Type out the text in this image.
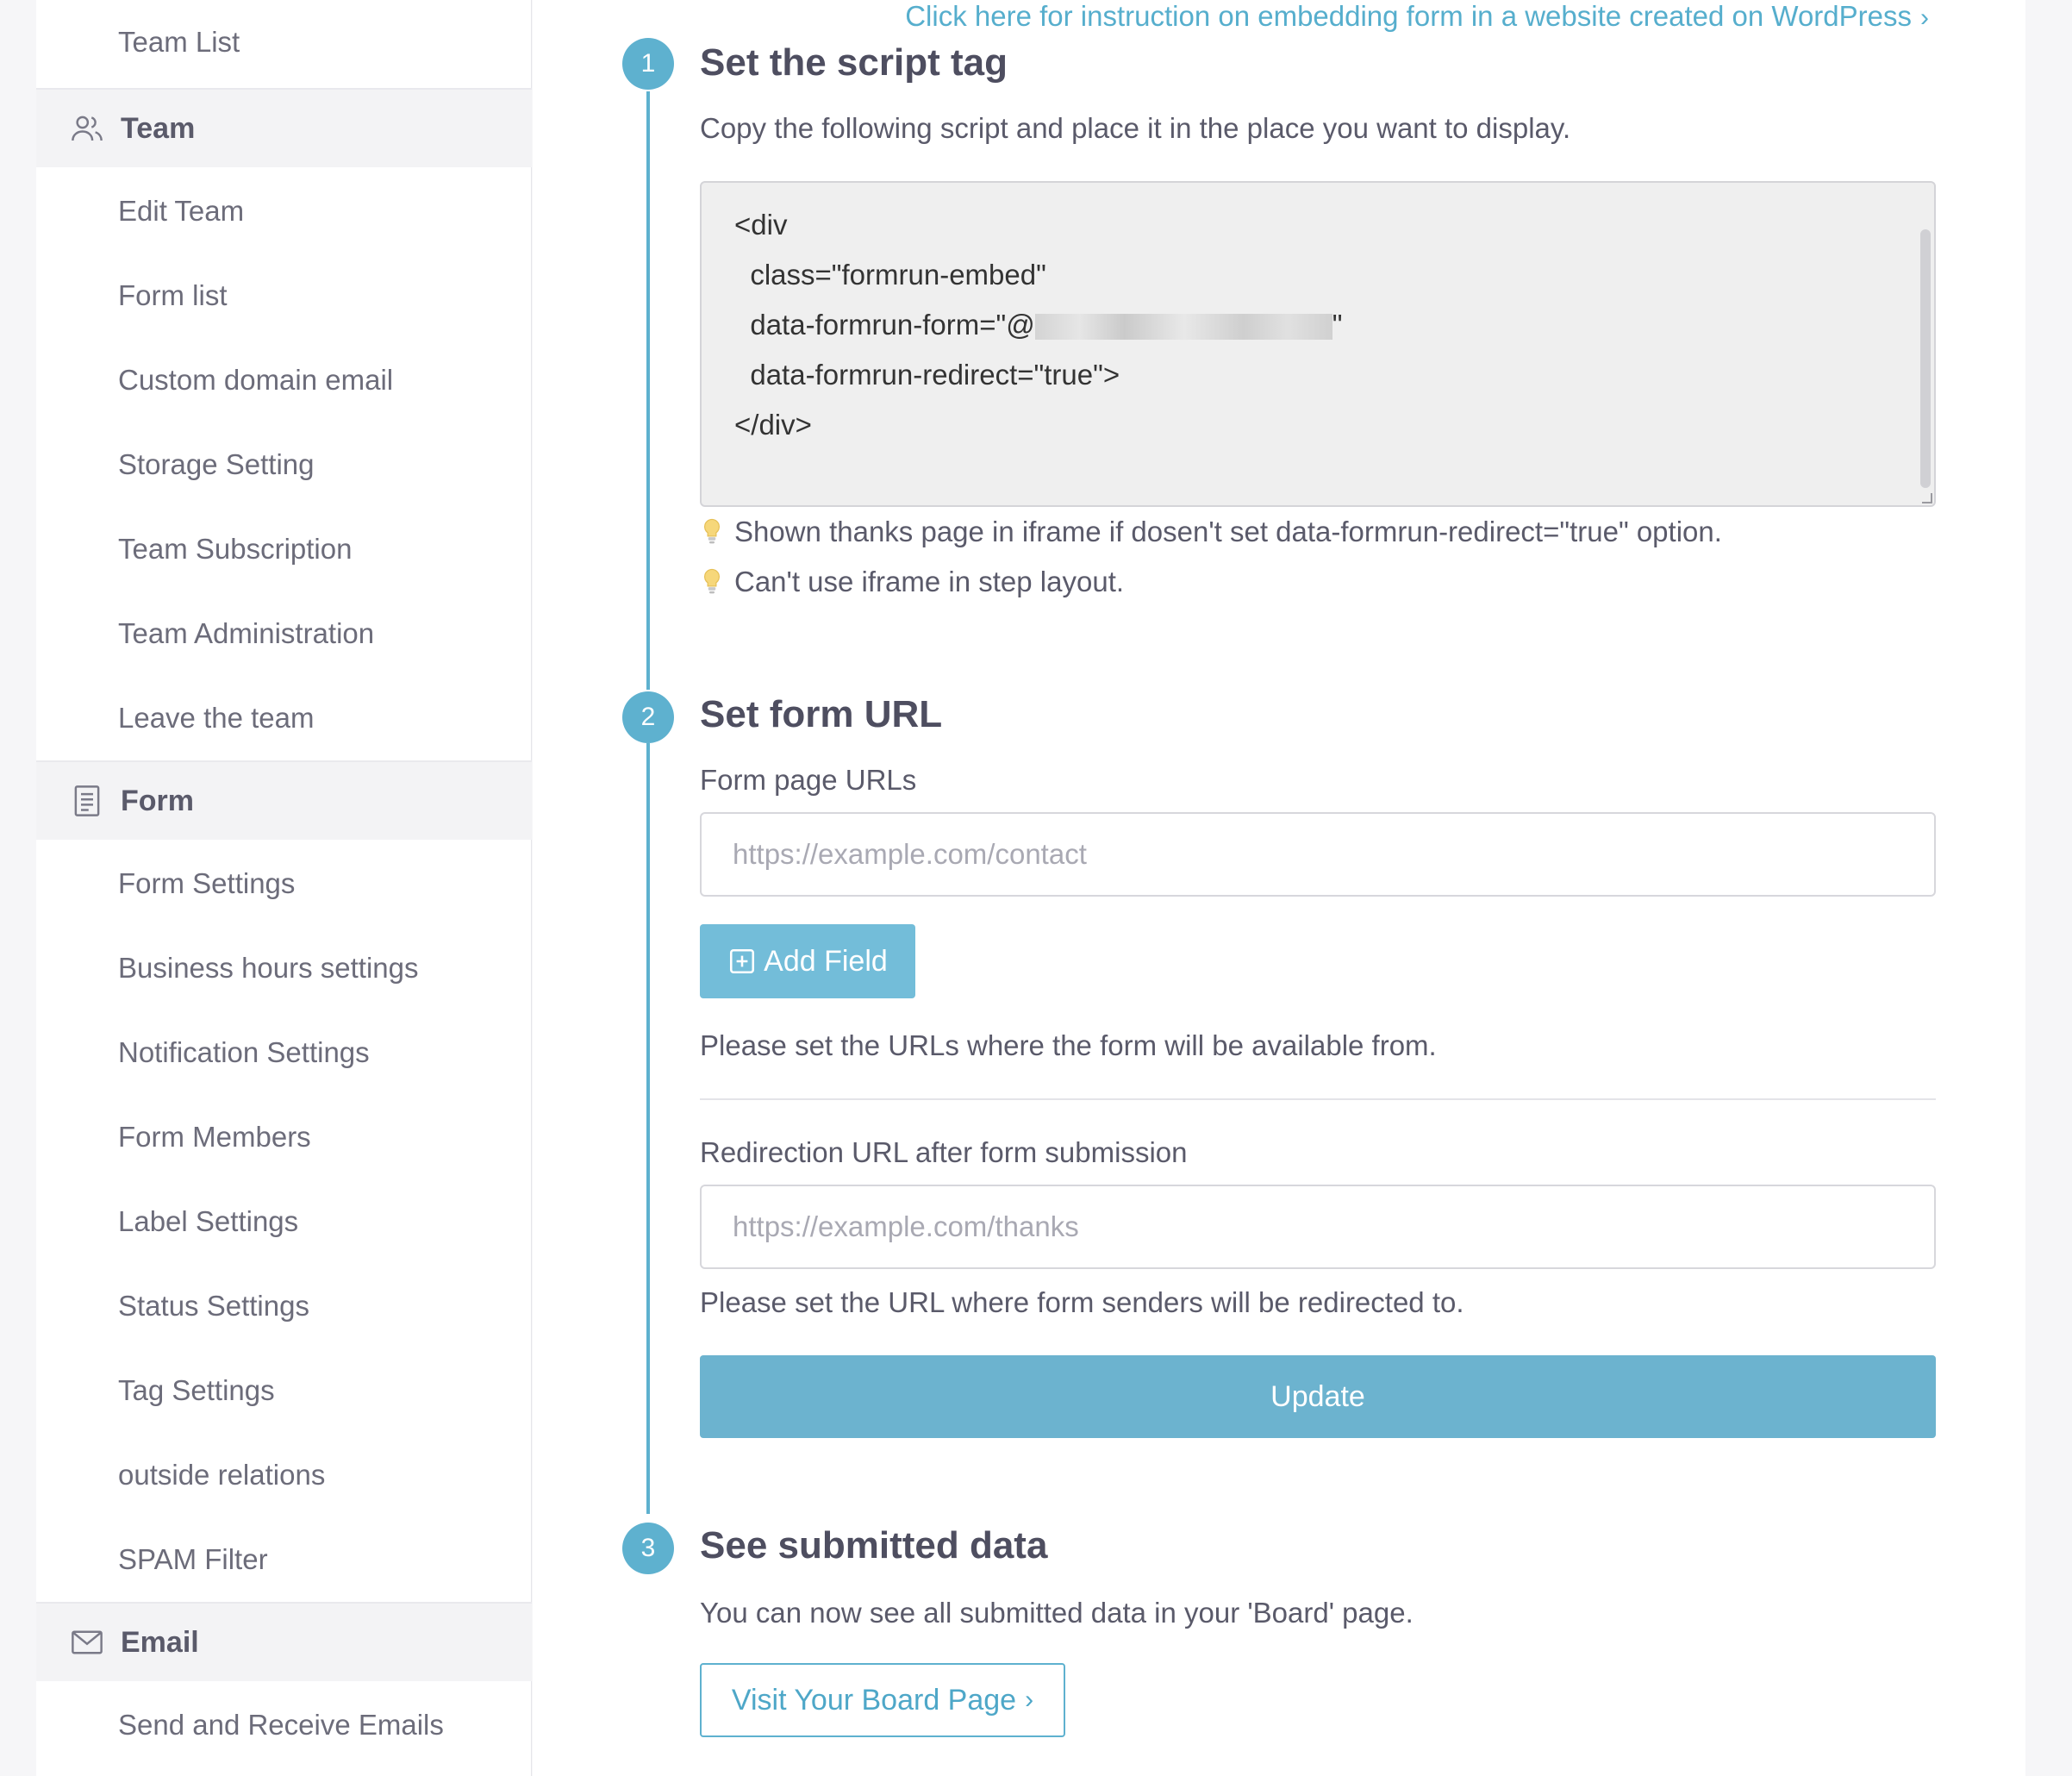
Team List
Team
Edit Team
Form list
Custom domain email
Storage Setting
Team Subscription
Team Administration
Leave the team
Form
Form Settings
Business hours settings
Notification Settings
Form Members
Label Settings
Status Settings
Tag Settings
outside relations
SPAM Filter
Email
Send and Receive Emails
Click here for instruction on embedding form in a website created on WordPress ›
1	Set the script tag
Copy the following script and place it in the place you want to display.
<div
class="formrun-embed"
data-formrun-form="@	"
data-formrun-redirect="true">
</div>
Shown thanks page in iframe if dosen't set data-formrun-redirect="true" option.
Can't use iframe in step layout.
2	Set form URL
Form page URLs
https://example.com/contact
Add Field
Please set the URLs where the form will be available from.
Redirection URL after form submission
https://example.com/thanks
Please set the URL where form senders will be redirected to.
Update
3	See submitted data
You can now see all submitted data in your 'Board' page.
Visit Your Board Page ›
